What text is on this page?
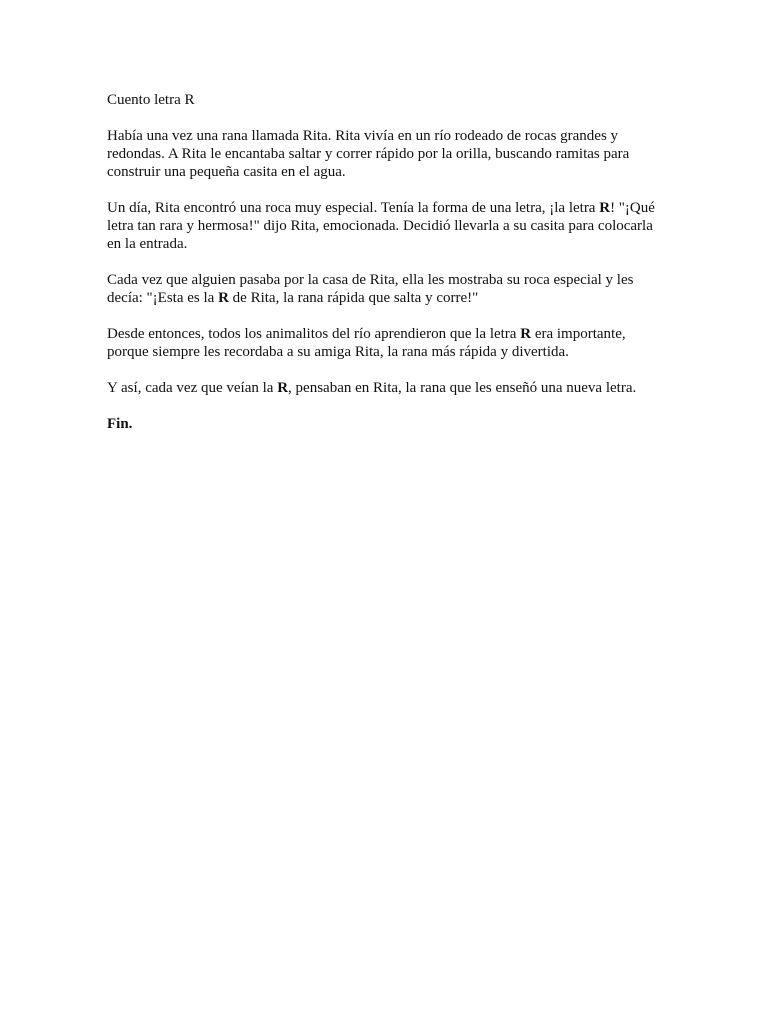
Cuento letra R

Había una vez una rana llamada Rita. Rita vivía en un río rodeado de rocas grandes y redondas. A Rita le encantaba saltar y correr rápido por la orilla, buscando ramitas para construir una pequeña casita en el agua.

Un día, Rita encontró una roca muy especial. Tenía la forma de una letra, ¡la letra R! "¡Qué letra tan rara y hermosa!" dijo Rita, emocionada. Decidió llevarla a su casita para colocarla en la entrada.

Cada vez que alguien pasaba por la casa de Rita, ella les mostraba su roca especial y les decía: "¡Esta es la R de Rita, la rana rápida que salta y corre!"

Desde entonces, todos los animalitos del río aprendieron que la letra R era importante, porque siempre les recordaba a su amiga Rita, la rana más rápida y divertida.

Y así, cada vez que veían la R, pensaban en Rita, la rana que les enseñó una nueva letra.

Fin.
